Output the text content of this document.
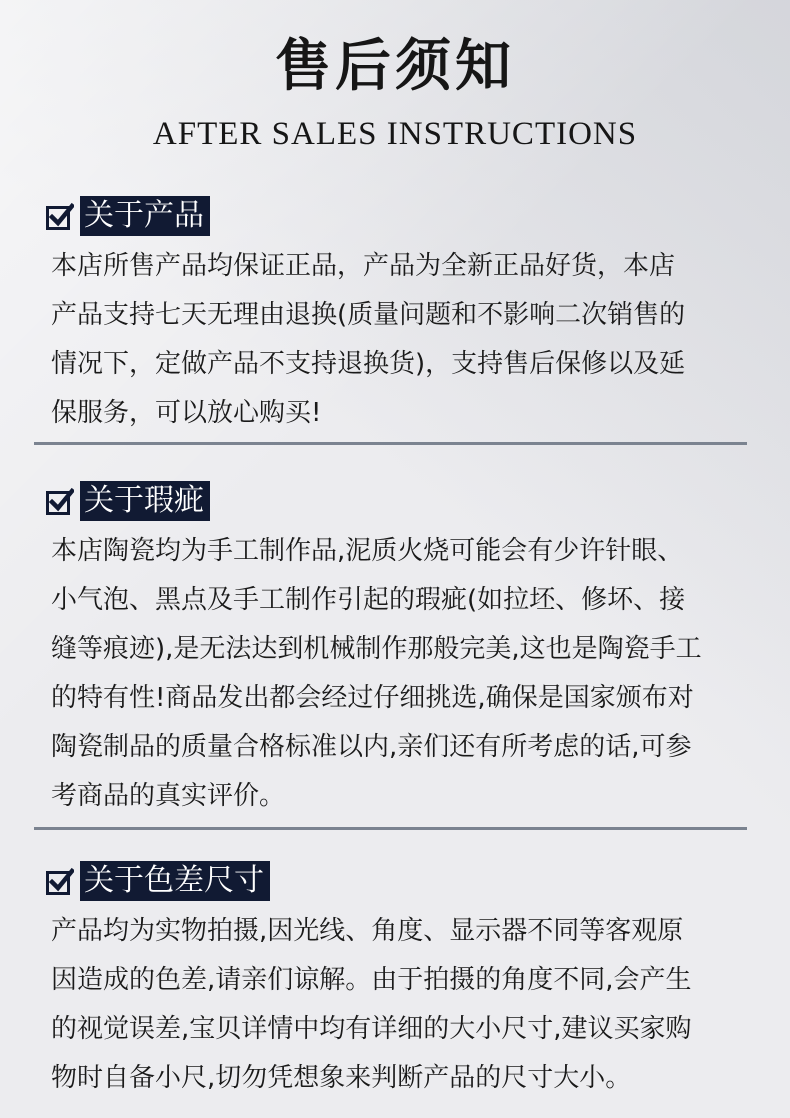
售后须知
AFTER SALES INSTRUCTIONS
关于产品
本店所售产品均保证正品，产品为全新正品好货，本店
产品支持七天无理由退换(质量问题和不影响二次销售的
情况下，定做产品不支持退换货)，支持售后保修以及延
保服务，可以放心购买!
关于瑕疵
本店陶瓷均为手工制作品,泥质火烧可能会有少许针眼、
小气泡、黑点及手工制作引起的瑕疵(如拉坯、修坏、接
缝等痕迹),是无法达到机械制作那般完美,这也是陶瓷手工
的特有性!商品发出都会经过仔细挑选,确保是国家颁布对
陶瓷制品的质量合格标准以内,亲们还有所考虑的话,可参
考商品的真实评价。
关于色差尺寸
产品均为实物拍摄,因光线、角度、显示器不同等客观原
因造成的色差,请亲们谅解。由于拍摄的角度不同,会产生
的视觉误差,宝贝详情中均有详细的大小尺寸,建议买家购
物时自备小尺,切勿凭想象来判断产品的尺寸大小。
